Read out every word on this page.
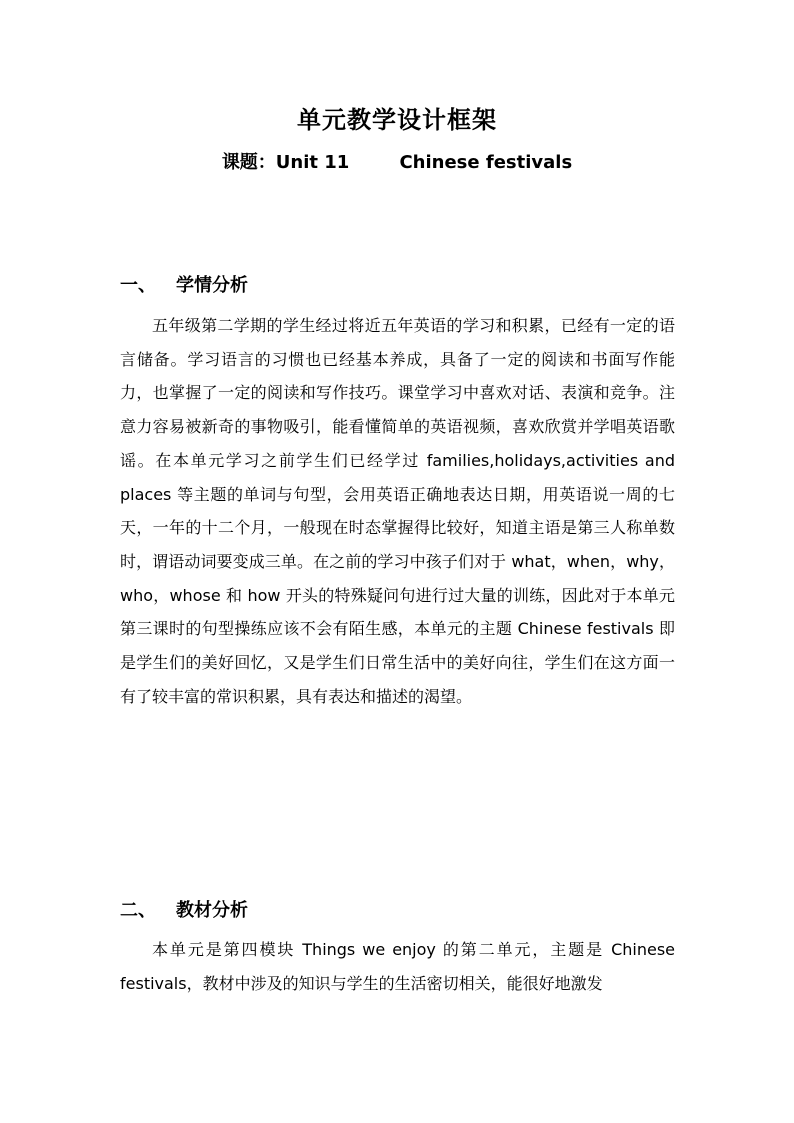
单元教学设计框架
课题：Unit 11        Chinese festivals
一、 学情分析
五年级第二学期的学生经过将近五年英语的学习和积累，已经有一定的语言储备。学习语言的习惯也已经基本养成，具备了一定的阅读和书面写作能力，也掌握了一定的阅读和写作技巧。课堂学习中喜欢对话、表演和竞争。注意力容易被新奇的事物吸引，能看懂简单的英语视频，喜欢欣赏并学唱英语歌谣。在本单元学习之前学生们已经学过 families,holidays,activities and places 等主题的单词与句型，会用英语正确地表达日期，用英语说一周的七天，一年的十二个月，一般现在时态掌握得比较好，知道主语是第三人称单数时，谓语动词要变成三单。在之前的学习中孩子们对于 what，when，why，who，whose 和 how 开头的特殊疑问句进行过大量的训练，因此对于本单元第三课时的句型操练应该不会有陌生感，本单元的主题 Chinese festivals 即是学生们的美好回忆，又是学生们日常生活中的美好向往，学生们在这方面一有了较丰富的常识积累，具有表达和描述的渴望。
二、 教材分析
本单元是第四模块 Things we enjoy 的第二单元，主题是 Chinese festivals，教材中涉及的知识与学生的生活密切相关，能很好地激发
